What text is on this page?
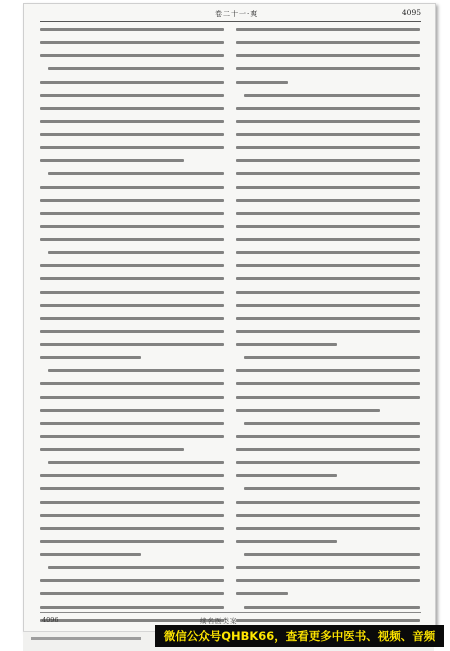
卷二十一·爽	4095
4096	续名医类案
微信公众号QHBK66，查看更多中医书、视频、音频
